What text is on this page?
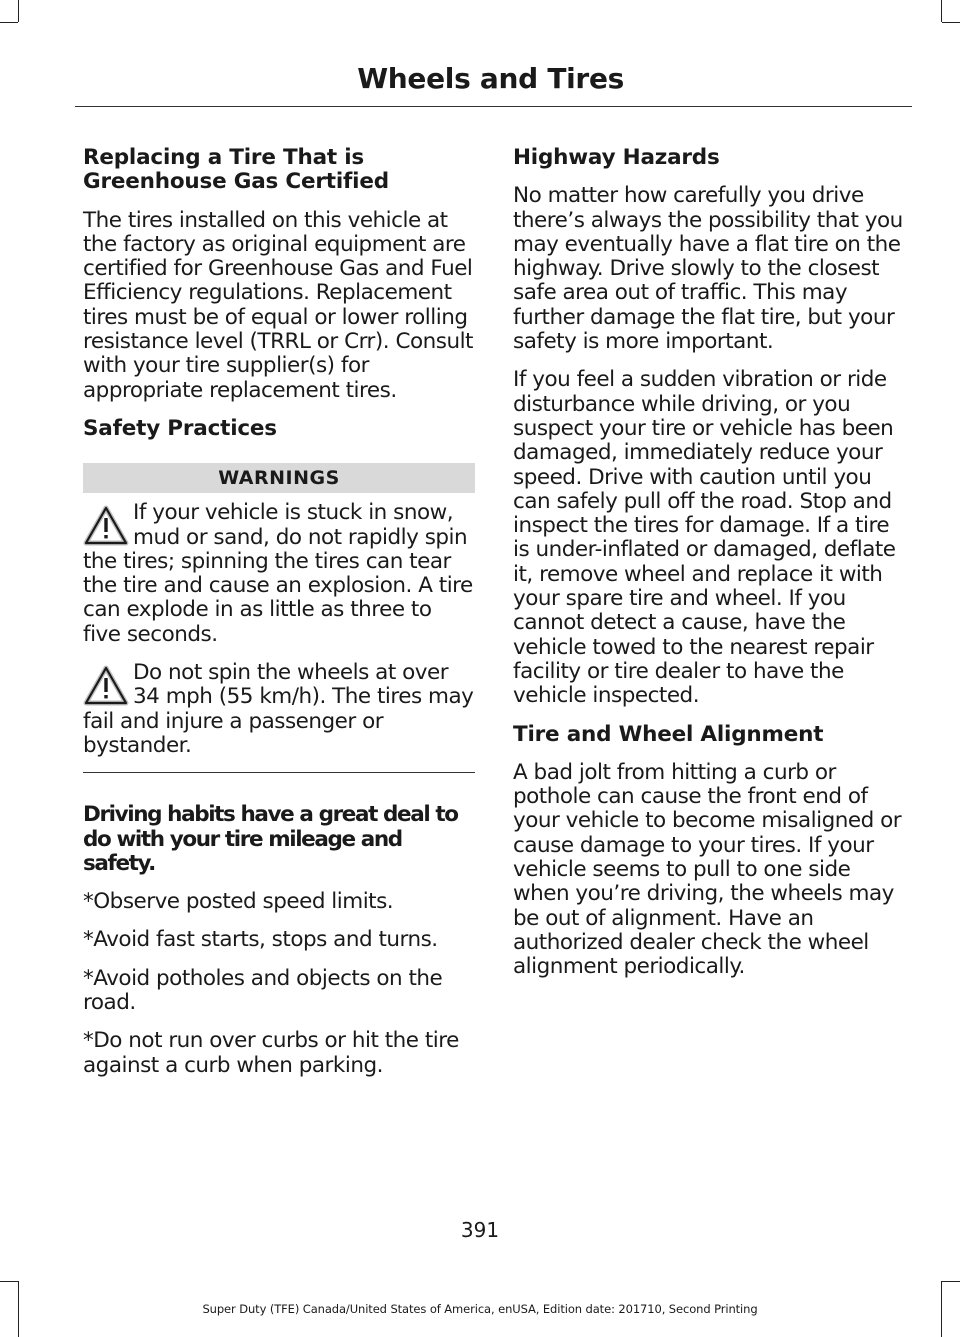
Wheels and Tires
Replacing a Tire That is Greenhouse Gas Certified

The tires installed on this vehicle at the factory as original equipment are certified for Greenhouse Gas and Fuel Efficiency regulations. Replacement tires must be of equal or lower rolling resistance level (TRRL or Crr). Consult with your tire supplier(s) for appropriate replacement tires.

Safety Practices
WARNINGS
If your vehicle is stuck in snow, mud or sand, do not rapidly spin the tires; spinning the tires can tear the tire and cause an explosion. A tire can explode in as little as three to five seconds.
Do not spin the wheels at over 34 mph (55 km/h). The tires may fail and injure a passenger or bystander.
Driving habits have a great deal to do with your tire mileage and safety.

*Observe posted speed limits.

*Avoid fast starts, stops and turns.

*Avoid potholes and objects on the road.

*Do not run over curbs or hit the tire against a curb when parking.

Highway Hazards

No matter how carefully you drive there’s always the possibility that you may eventually have a flat tire on the highway. Drive slowly to the closest safe area out of traffic. This may further damage the flat tire, but your safety is more important.

If you feel a sudden vibration or ride disturbance while driving, or you suspect your tire or vehicle has been damaged, immediately reduce your speed. Drive with caution until you can safely pull off the road. Stop and inspect the tires for damage. If a tire is under-inflated or damaged, deflate it, remove wheel and replace it with your spare tire and wheel. If you cannot detect a cause, have the vehicle towed to the nearest repair facility or tire dealer to have the vehicle inspected.

Tire and Wheel Alignment

A bad jolt from hitting a curb or pothole can cause the front end of your vehicle to become misaligned or cause damage to your tires. If your vehicle seems to pull to one side when you’re driving, the wheels may be out of alignment. Have an authorized dealer check the wheel alignment periodically.

391
Super Duty (TFE) Canada/United States of America, enUSA, Edition date: 201710, Second Printing
